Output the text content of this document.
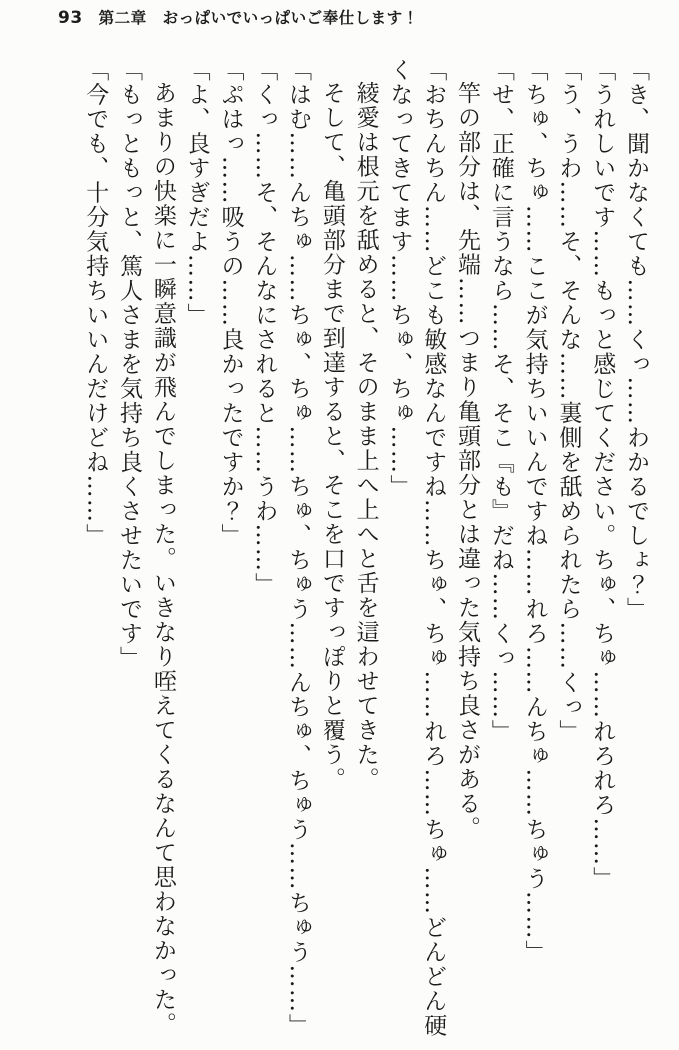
93 第二章　おっぱいでいっぱいご奉仕します！

「き、聞かなくても……くっ……わかるでしょ？」

「うれしいです……もっと感じてください。ちゅ、ちゅ……れろれろ……」

「う、うわ……そ、そんな……裏側を舐められたら……くっ」

「ちゅ、ちゅ……ここが気持ちいいんですね……れろ……んちゅ……ちゅう……」

「せ、正確に言うなら……そ、そこ『も』だね……くっ……」

竿の部分は、先端……つまり亀頭部分とは違った気持ち良さがある。

「おちんちん……どこも敏感なんですね……ちゅ、ちゅ……れろ……ちゅ……どんどん硬くなってきてます……ちゅ、ちゅ……」

綾愛は根元を舐めると、そのまま上へ上へと舌を這わせてきた。

そして、亀頭部分まで到達すると、そこを口ですっぽりと覆う。

「はむ……んちゅ……ちゅ、ちゅ……ちゅ、ちゅう……んちゅ、ちゅう……ちゅう……」

「くっ……そ、そんなにされると……うわ……」

「ぷはっ……吸うの……良かったですか？」

「よ、良すぎだよ……」

あまりの快楽に一瞬意識が飛んでしまった。いきなり咥えてくるなんて思わなかった。

「もっともっと、篤人さまを気持ち良くさせたいです」

「今でも、十分気持ちいいんだけどね……」
